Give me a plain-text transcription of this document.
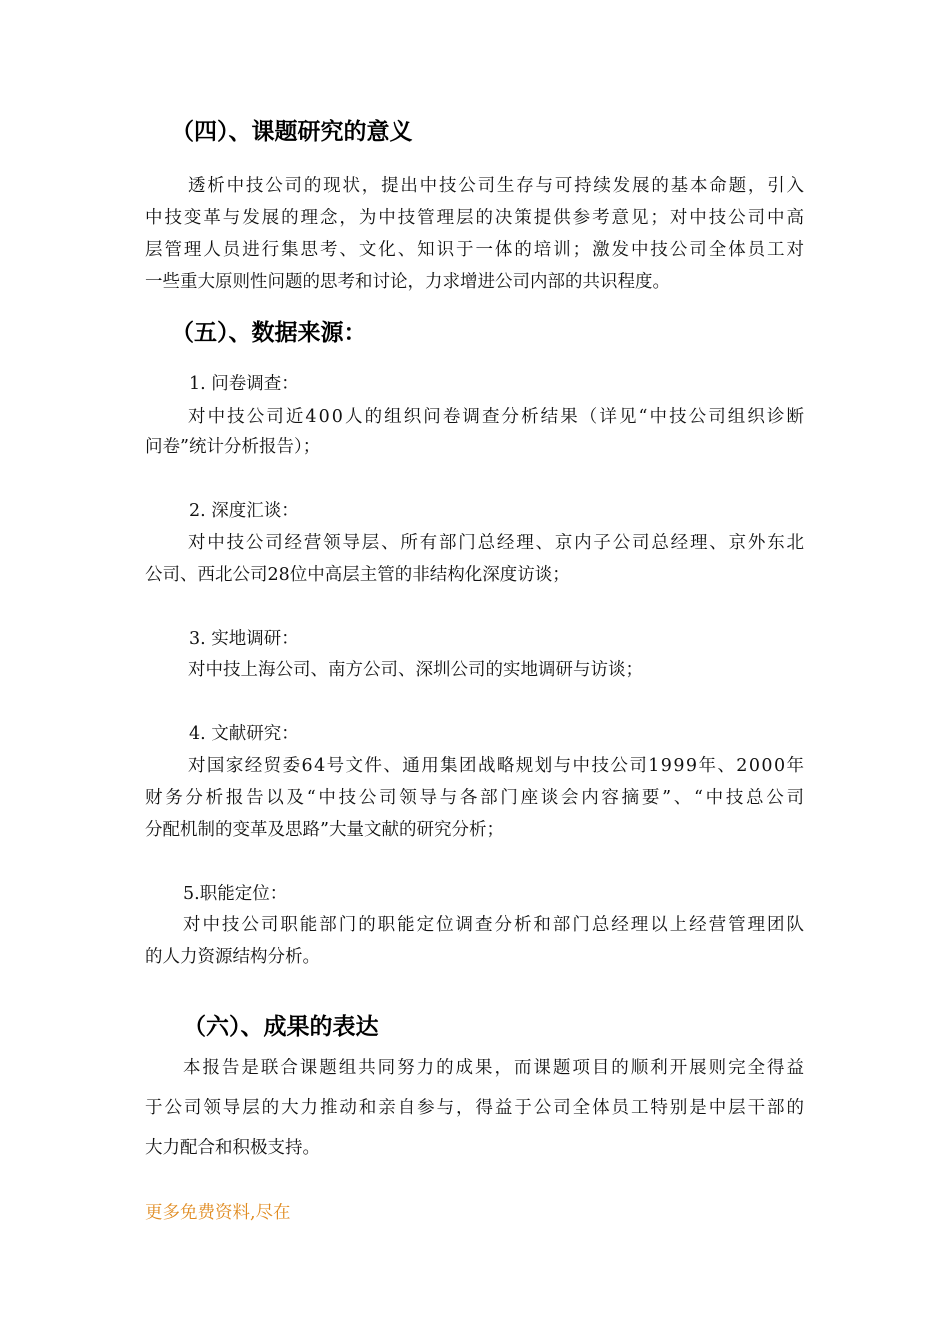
（四）、课题研究的意义
透析中技公司的现状，提出中技公司生存与可持续发展的基本命题，引入
中技变革与发展的理念，为中技管理层的决策提供参考意见；对中技公司中高
层管理人员进行集思考、文化、知识于一体的培训；激发中技公司全体员工对
一些重大原则性问题的思考和讨论，力求增进公司内部的共识程度。
（五）、数据来源：
1. 问卷调查：
对中技公司近400人的组织问卷调查分析结果（详见“中技公司组织诊断
问卷”统计分析报告）；
2. 深度汇谈：
对中技公司经营领导层、所有部门总经理、京内子公司总经理、京外东北
公司、西北公司28位中高层主管的非结构化深度访谈；
3. 实地调研：
对中技上海公司、南方公司、深圳公司的实地调研与访谈；
4. 文献研究：
对国家经贸委64号文件、通用集团战略规划与中技公司1999年、2000年
财务分析报告以及“中技公司领导与各部门座谈会内容摘要”、“中技总公司
分配机制的变革及思路”大量文献的研究分析；
5.职能定位：
对中技公司职能部门的职能定位调查分析和部门总经理以上经营管理团队
的人力资源结构分析。
（六）、成果的表达
本报告是联合课题组共同努力的成果，而课题项目的顺利开展则完全得益
于公司领导层的大力推动和亲自参与，得益于公司全体员工特别是中层干部的
大力配合和积极支持。
更多免费资料,尽在
